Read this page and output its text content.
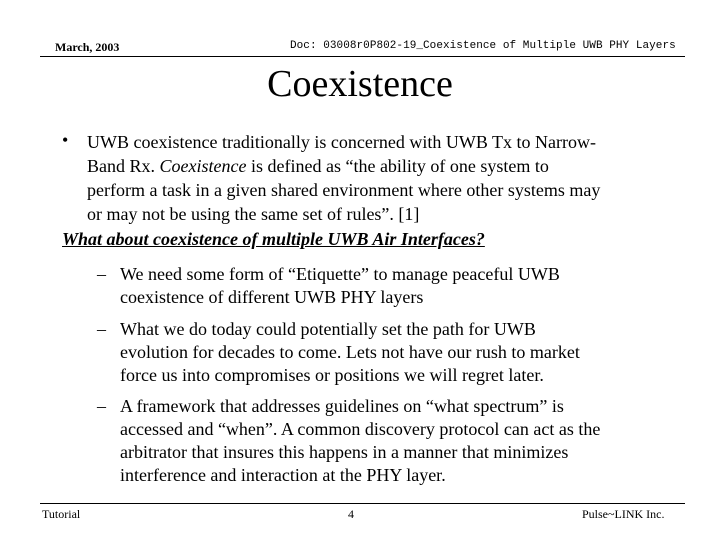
March, 2003	Doc: 03008r0P802-19_Coexistence of Multiple UWB PHY Layers
Coexistence
• UWB coexistence traditionally is concerned with UWB Tx to Narrow-
Band Rx. Coexistence is defined as “the ability of one system to
perform a task in a given shared environment where other systems may
or may not be using the same set of rules”. [1]
What about coexistence of multiple UWB Air Interfaces?
– We need some form of “Etiquette” to manage peaceful UWB
coexistence of different UWB PHY layers
– What we do today could potentially set the path for UWB
evolution for decades to come. Lets not have our rush to market
force us into compromises or positions we will regret later.
– A framework that addresses guidelines on “what spectrum” is
accessed and “when”. A common discovery protocol can act as the
arbitrator that insures this happens in a manner that minimizes
interference and interaction at the PHY layer.
Tutorial	4	Pulse~LINK Inc.
